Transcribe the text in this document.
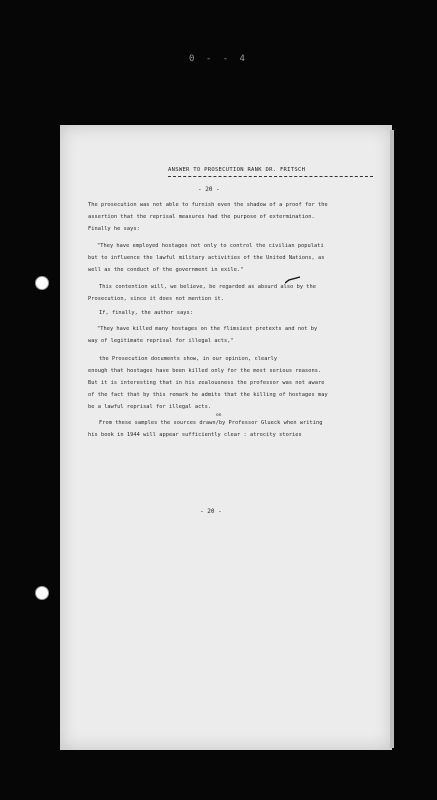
0 - - 4
ANSWER TO PROSECUTION RANK DR. FRITSCH
- 20 -
The prosecution was not able to furnish even the shadow of a proof for the
assertion that the reprisal measures had the purpose of extermination.
Finally he says:
"They have employed hostages not only to control the civilian populati
but to influence the lawful military activities of the United Nations, as
well as the conduct of the government in exile."
This contention will, we believe, be regarded as absurd also by the
Prosecution, since it does not mention it.
If, finally, the author says:
"They have killed many hostages on the flimsiest pretexts and not by
way of legitimate reprisal for illegal acts,"
the Prosecution documents show, in our opinion, clearly
enough that hostages have been killed only for the most serious reasons.
But it is interesting that in his zealousness the professor was not aware
of the fact that by this remark he admits that the killing of hostages may
be a lawful reprisal for illegal acts.
on
From these samples the sources drawn/by Professor Glueck when writing
his book in 1944 will appear sufficiently clear : atrocity stories
- 20 -
